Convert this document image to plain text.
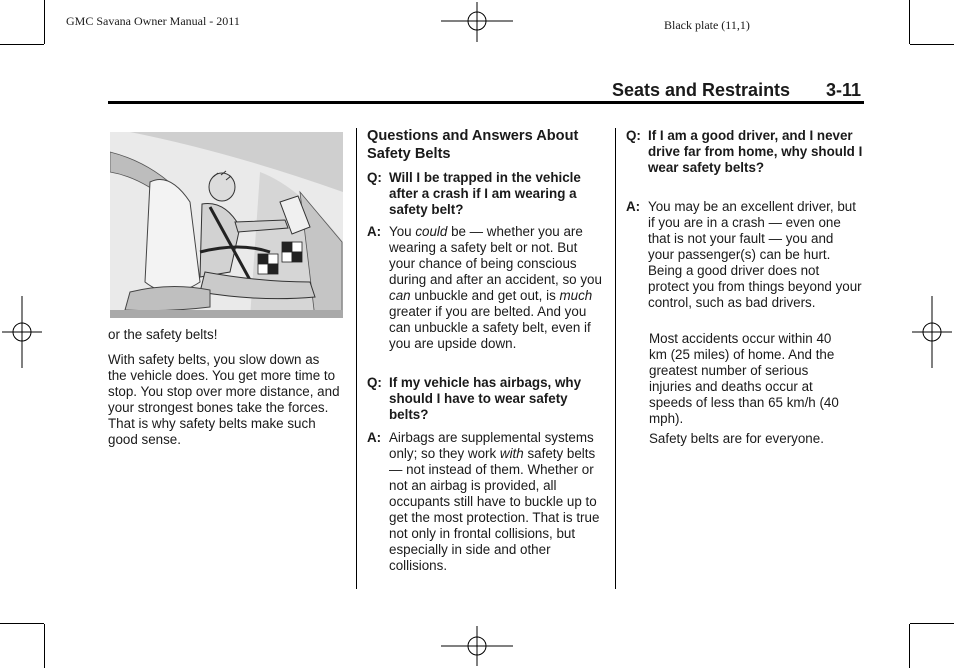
GMC Savana Owner Manual - 2011	Black plate (11,1)
Seats and Restraints 3-11

or the safety belts!

With safety belts, you slow down as the vehicle does. You get more time to stop. You stop over more distance, and your strongest bones take the forces. That is why safety belts make such good sense.

Questions and Answers About Safety Belts
Q: Will I be trapped in the vehicle after a crash if I am wearing a safety belt?
A: You could be — whether you are wearing a safety belt or not. But your chance of being conscious during and after an accident, so you can unbuckle and get out, is much greater if you are belted. And you can unbuckle a safety belt, even if you are upside down.
Q: If my vehicle has airbags, why should I have to wear safety belts?
A: Airbags are supplemental systems only; so they work with safety belts — not instead of them. Whether or not an airbag is provided, all occupants still have to buckle up to get the most protection. That is true not only in frontal collisions, but especially in side and other collisions.
Q: If I am a good driver, and I never drive far from home, why should I wear safety belts?
A: You may be an excellent driver, but if you are in a crash — even one that is not your fault — you and your passenger(s) can be hurt. Being a good driver does not protect you from things beyond your control, such as bad drivers.

Most accidents occur within 40 km (25 miles) of home. And the greatest number of serious injuries and deaths occur at speeds of less than 65 km/h (40 mph).

Safety belts are for everyone.
